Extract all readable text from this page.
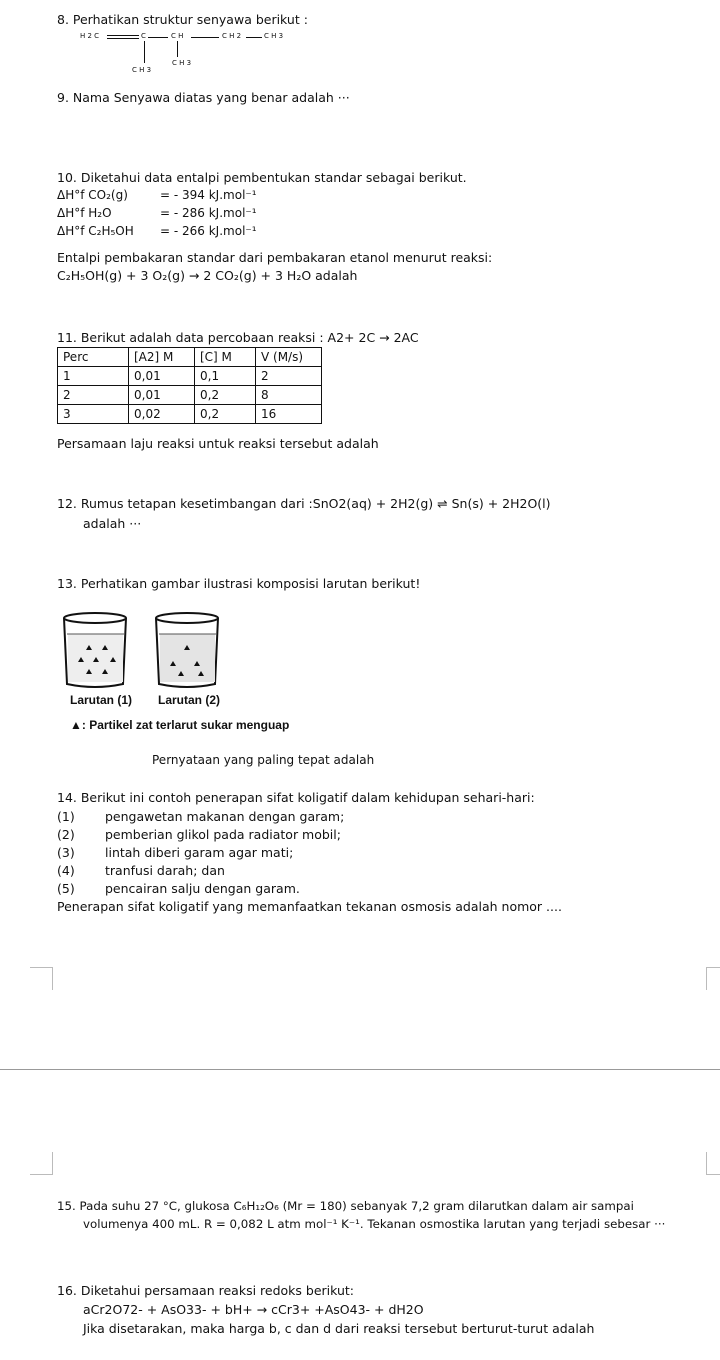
8. Perhatikan struktur senyawa berikut :
H 2 C	C	C H	C H 2	C H 3
C H 3
C H 3
9. Nama Senyawa diatas yang benar adalah ···
10. Diketahui data entalpi pembentukan standar sebagai berikut.
ΔH°f CO₂(g)	= - 394 kJ.mol⁻¹
ΔH°f H₂O	= - 286 kJ.mol⁻¹
ΔH°f C₂H₅OH = - 266 kJ.mol⁻¹
Entalpi pembakaran standar dari pembakaran etanol menurut reaksi:
C₂H₅OH(g) + 3 O₂(g) → 2 CO₂(g) + 3 H₂O adalah
11. Berikut adalah data percobaan reaksi : A2+ 2C → 2AC
Perc	[A2] M	[C] M	V (M/s)
1	0,01	0,1	2
2	0,01	0,2	8
3	0,02	0,2	16
Persamaan laju reaksi untuk reaksi tersebut adalah
12. Rumus tetapan kesetimbangan dari :SnO2(aq) + 2H2(g) ⇌ Sn(s) + 2H2O(l)
adalah ···
13. Perhatikan gambar ilustrasi komposisi larutan berikut!
Larutan (1) Larutan (2)
▲: Partikel zat terlarut sukar menguap
Pernyataan yang paling tepat adalah
14. Berikut ini contoh penerapan sifat koligatif dalam kehidupan sehari-hari:
(1) pengawetan makanan dengan garam;
(2) pemberian glikol pada radiator mobil;
(3) lintah diberi garam agar mati;
(4) tranfusi darah; dan
(5) pencairan salju dengan garam.
Penerapan sifat koligatif yang memanfaatkan tekanan osmosis adalah nomor ....
15. Pada suhu 27 °C, glukosa C₆H₁₂O₆ (Mr = 180) sebanyak 7,2 gram dilarutkan dalam air sampai
volumenya 400 mL. R = 0,082 L atm mol⁻¹ K⁻¹. Tekanan osmostika larutan yang terjadi sebesar ···
16. Diketahui persamaan reaksi redoks berikut:
aCr2O72- + AsO33- + bH+ → cCr3+ +AsO43- + dH2O
Jika disetarakan, maka harga b, c dan d dari reaksi tersebut berturut-turut adalah
